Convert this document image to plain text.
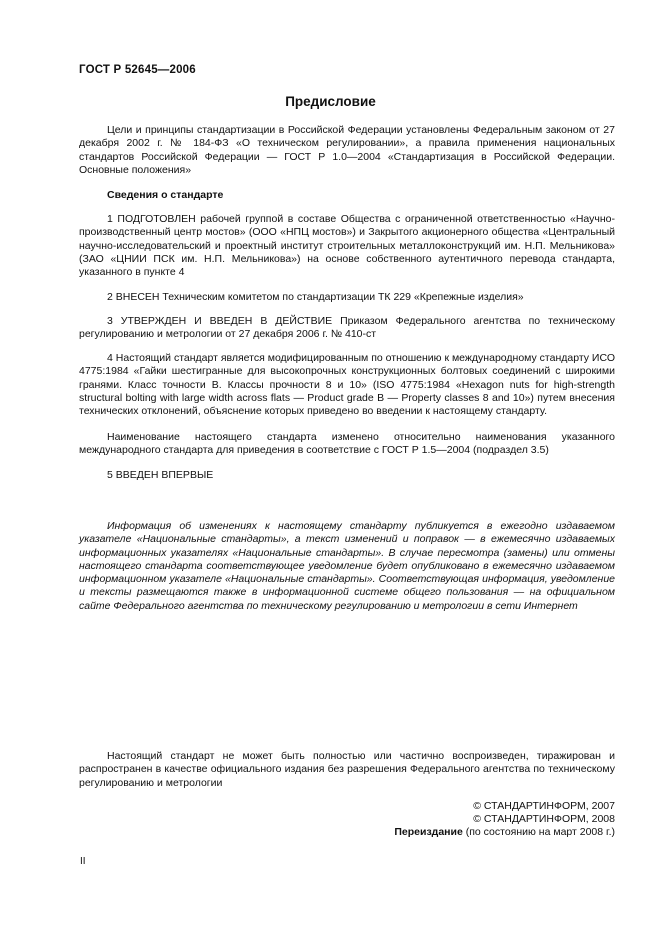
ГОСТ Р 52645—2006
Предисловие
Цели и принципы стандартизации в Российской Федерации установлены Федеральным законом от 27 декабря 2002 г. № 184-ФЗ «О техническом регулировании», а правила применения национальных стандартов Российской Федерации — ГОСТ Р 1.0—2004 «Стандартизация в Российской Федерации. Основные положения»
Сведения о стандарте
1 ПОДГОТОВЛЕН рабочей группой в составе Общества с ограниченной ответственностью «Научно-производственный центр мостов» (ООО «НПЦ мостов») и Закрытого акционерного общества «Центральный научно-исследовательский и проектный институт строительных металлоконструкций им. Н.П. Мельникова» (ЗАО «ЦНИИ ПСК им. Н.П. Мельникова») на основе собственного аутентичного перевода стандарта, указанного в пункте 4
2 ВНЕСЕН Техническим комитетом по стандартизации ТК 229 «Крепежные изделия»
3 УТВЕРЖДЕН И ВВЕДЕН В ДЕЙСТВИЕ Приказом Федерального агентства по техническому регулированию и метрологии от 27 декабря 2006 г. № 410-ст
4 Настоящий стандарт является модифицированным по отношению к международному стандарту ИСО 4775:1984 «Гайки шестигранные для высокопрочных конструкционных болтовых соединений с широкими гранями. Класс точности В. Классы прочности 8 и 10» (ISO 4775:1984 «Hexagon nuts for high-strength structural bolting with large width across flats — Product grade B — Property classes 8 and 10») путем внесения технических отклонений, объяснение которых приведено во введении к настоящему стандарту.
Наименование настоящего стандарта изменено относительно наименования указанного международного стандарта для приведения в соответствие с ГОСТ Р 1.5—2004 (подраздел 3.5)
5 ВВЕДЕН ВПЕРВЫЕ
Информация об изменениях к настоящему стандарту публикуется в ежегодно издаваемом указателе «Национальные стандарты», а текст изменений и поправок — в ежемесячно издаваемых информационных указателях «Национальные стандарты». В случае пересмотра (замены) или отмены настоящего стандарта соответствующее уведомление будет опубликовано в ежемесячно издаваемом информационном указателе «Национальные стандарты». Соответствующая информация, уведомление и тексты размещаются также в информационной системе общего пользования — на официальном сайте Федерального агентства по техническому регулированию и метрологии в сети Интернет
Настоящий стандарт не может быть полностью или частично воспроизведен, тиражирован и распространен в качестве официального издания без разрешения Федерального агентства по техническому регулированию и метрологии
© СТАНДАРТИНФОРМ, 2007
© СТАНДАРТИНФОРМ, 2008
Переиздание (по состоянию на март 2008 г.)
II
